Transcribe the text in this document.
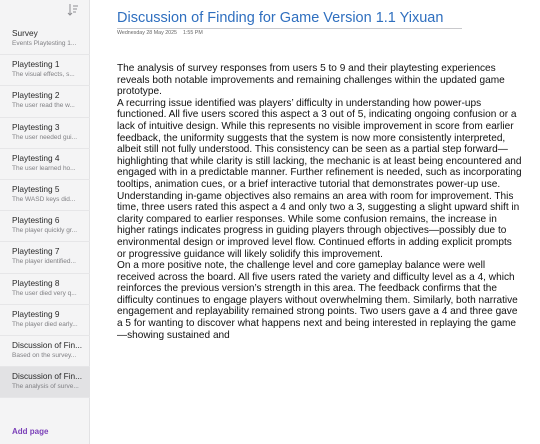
Survey
Events Playtesting 1...
Playtesting 1
The visual effects, s...
Playtesting 2
The user read the w...
Playtesting 3
The user needed gui...
Playtesting 4
The user learned ho...
Playtesting 5
The WASD keys did...
Playtesting 6
The player quickly gr...
Playtesting 7
The player identified...
Playtesting 8
The user died very q...
Playtesting 9
The player died early...
Discussion of Fin...
Based on the survey...
Discussion of Fin...
The analysis of surve...
Add page
Discussion of Finding for Game Version 1.1 Yixuan
Wednesday 28 May 2025 1:55 PM

The analysis of survey responses from users 5 to 9 and their playtesting experiences reveals both notable improvements and remaining challenges within the updated game prototype.

A recurring issue identified was players’ difficulty in understanding how power-ups functioned. All five users scored this aspect a 3 out of 5, indicating ongoing confusion or a lack of intuitive design. While this represents no visible improvement in score from earlier feedback, the uniformity suggests that the system is now more consistently interpreted, albeit still not fully understood. This consistency can be seen as a partial step forward—highlighting that while clarity is still lacking, the mechanic is at least being encountered and engaged with in a predictable manner. Further refinement is needed, such as incorporating tooltips, animation cues, or a brief interactive tutorial that demonstrates power-up use.

Understanding in-game objectives also remains an area with room for improvement. This time, three users rated this aspect a 4 and only two a 3, suggesting a slight upward shift in clarity compared to earlier responses. While some confusion remains, the increase in higher ratings indicates progress in guiding players through objectives—possibly due to environmental design or improved level flow. Continued efforts in adding explicit prompts or progressive guidance will likely solidify this improvement.

On a more positive note, the challenge level and core gameplay balance were well received across the board. All five users rated the variety and difficulty level as a 4, which reinforces the previous version’s strength in this area. The feedback confirms that the difficulty continues to engage players without overwhelming them. Similarly, both narrative engagement and replayability remained strong points. Two users gave a 4 and three gave a 5 for wanting to discover what happens next and being interested in replaying the game—showing sustained and
